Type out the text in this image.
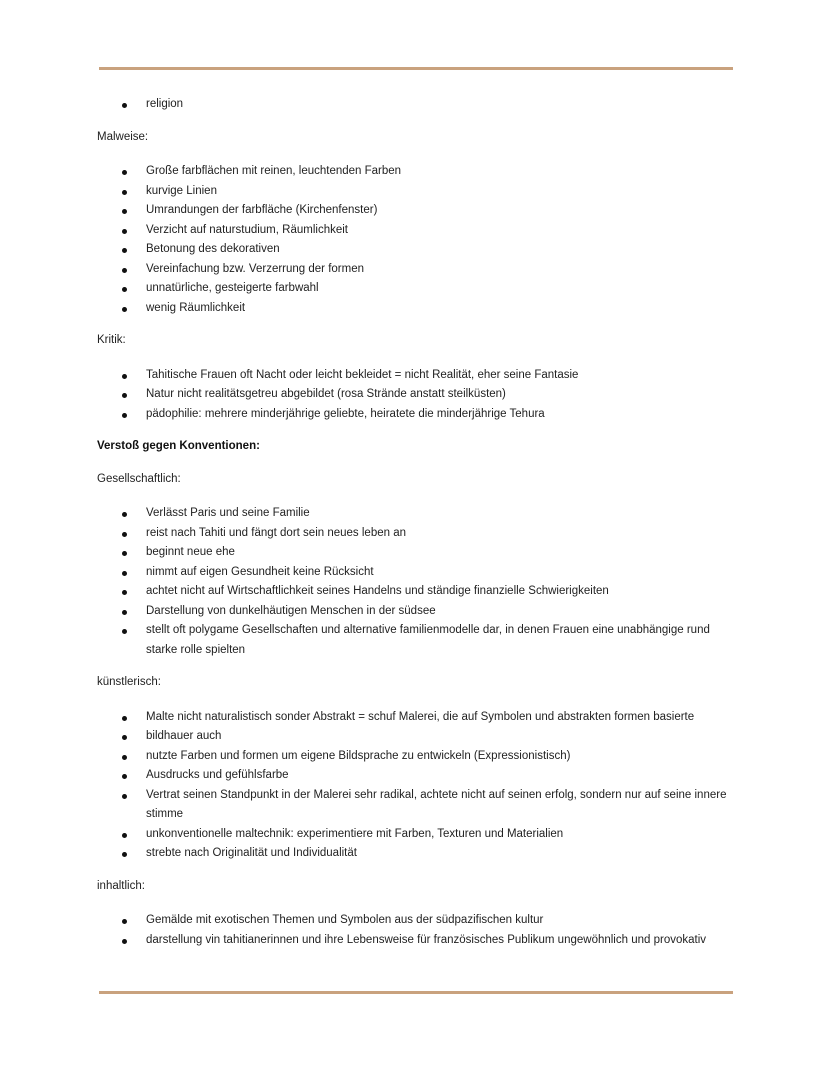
religion

Malweise:

Große farbflächen mit reinen, leuchtenden Farben
kurvige Linien
Umrandungen der farbfläche (Kirchenfenster)
Verzicht auf naturstudium, Räumlichkeit
Betonung des dekorativen
Vereinfachung bzw. Verzerrung der formen
unnatürliche, gesteigerte farbwahl
wenig Räumlichkeit

Kritik:

Tahitische Frauen oft Nacht oder leicht bekleidet = nicht Realität, eher seine Fantasie
Natur nicht realitätsgetreu abgebildet (rosa Strände anstatt steilküsten)
pädophilie: mehrere minderjährige geliebte, heiratete die minderjährige Tehura

Verstoß gegen Konventionen:

Gesellschaftlich:

Verlässt Paris und seine Familie
reist nach Tahiti und fängt dort sein neues leben an
beginnt neue ehe
nimmt auf eigen Gesundheit keine Rücksicht
achtet nicht auf Wirtschaftlichkeit seines Handelns und ständige finanzielle Schwierigkeiten
Darstellung von dunkelhäutigen Menschen in der südsee
stellt oft polygame Gesellschaften und alternative familienmodelle dar, in denen Frauen eine unabhängige rund starke rolle spielten

künstlerisch:

Malte nicht naturalistisch sonder Abstrakt = schuf Malerei, die auf Symbolen und abstrakten formen basierte
bildhauer auch
nutzte Farben und formen um eigene Bildsprache zu entwickeln (Expressionistisch)
Ausdrucks und gefühlsfarbe
Vertrat seinen Standpunkt in der Malerei sehr radikal, achtete nicht auf seinen erfolg, sondern nur auf seine innere stimme
unkonventionelle maltechnik: experimentiere mit Farben, Texturen und Materialien
strebte nach Originalität und Individualität

inhaltlich:

Gemälde mit exotischen Themen und Symbolen aus der südpazifischen kultur
darstellung vin tahitianerinnen und ihre Lebensweise für französisches Publikum ungewöhnlich und provokativ
